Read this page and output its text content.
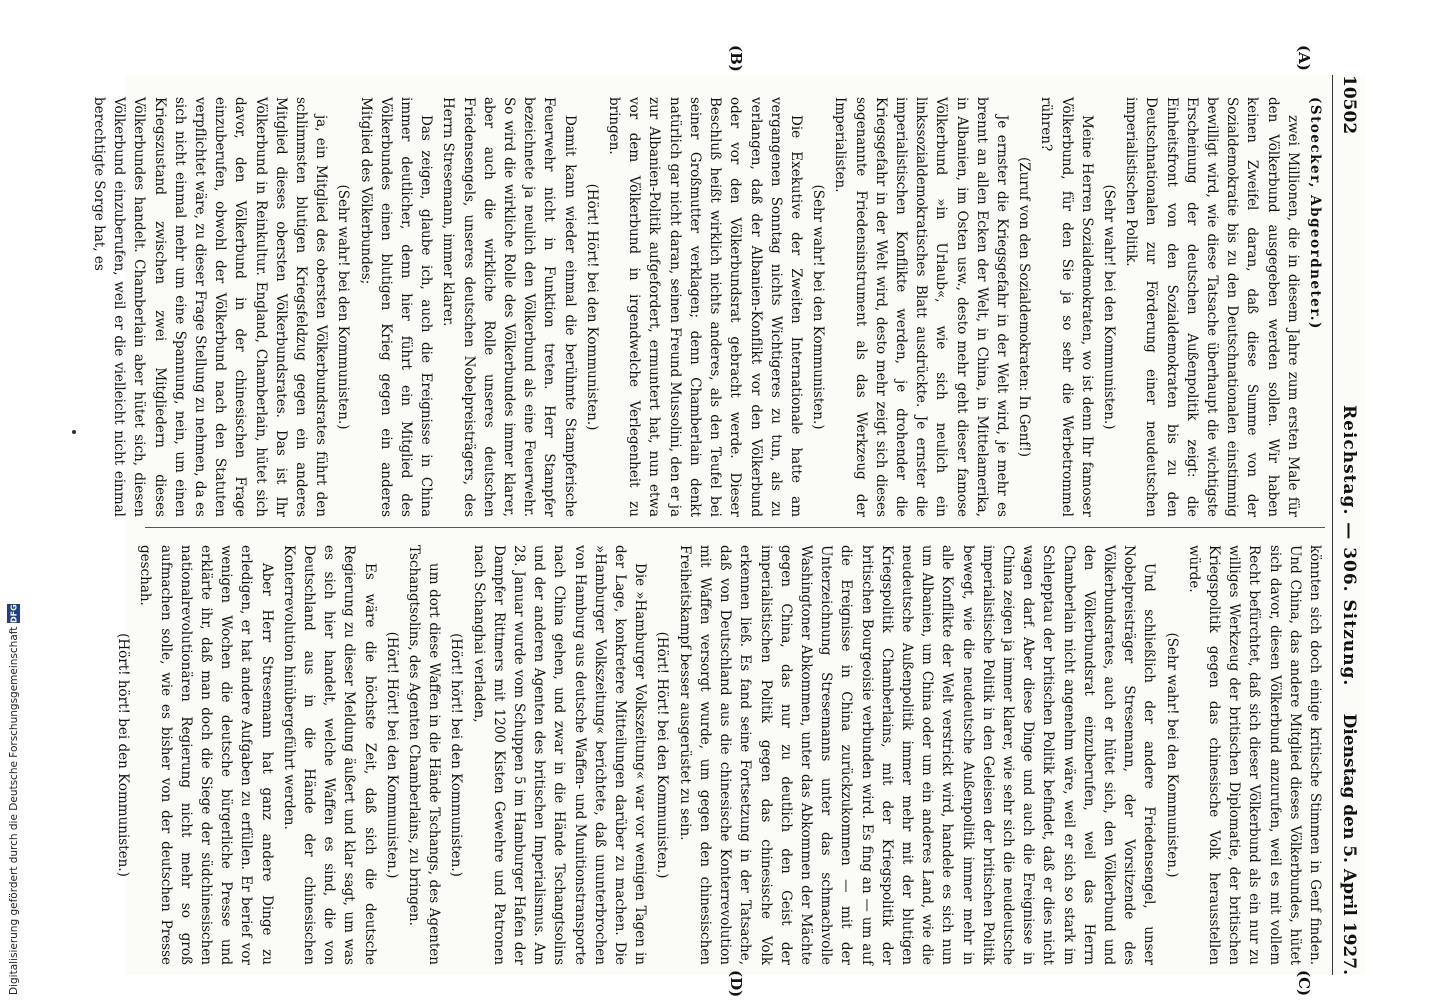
10502
Reichstag. — 306. Sitzung.
Dienstag den 5. April 1927.
(A)
(B)
(C)
(D)

(Stoecker, Abgeordneter.)

zwei Millionen, die in diesem Jahre zum ersten Male für den Völkerbund ausgegeben werden sollen. Wir haben keinen Zweifel daran, daß diese Summe von der Sozialdemokratie bis zu den Deutschnationalen einstimmig bewilligt wird, wie diese Tatsache überhaupt die wichtigste Erscheinung der deutschen Außenpolitik zeigt: die Einheitsfront von den Sozialdemokraten bis zu den Deutschnationalen zur Förderung einer neudeutschen imperialistischen Politik.

(Sehr wahr! bei den Kommunisten.)

Meine Herren Sozialdemokraten, wo ist denn Ihr famoser Völkerbund, für den Sie ja so sehr die Werbetrommel rühren?

(Zuruf von den Sozialdemokraten: In Genf!)

Je ernster die Kriegsgefahr in der Welt wird, je mehr es brennt an allen Ecken der Welt, in China, in Mittelamerika, in Albanien, im Osten usw., desto mehr geht dieser famose Völkerbund »in Urlaub«, wie sich neulich ein linkssozialdemokratisches Blatt ausdrückte. Je ernster die imperialistischen Konflikte werden, je drohender die Kriegsgefahr in der Welt wird, desto mehr zeigt sich dieses sogenannte Friedensinstrument als das Werkzeug der Imperialisten.

(Sehr wahr! bei den Kommunisten.)

Die Exekutive der Zweiten Internationale hatte am vergangenen Sonntag nichts Wichtigeres zu tun, als zu verlangen, daß der Albanien-Konflikt vor den Völkerbund oder vor den Völkerbundsrat gebracht werde. Dieser Beschluß heißt wirklich nichts anderes, als den Teufel bei seiner Großmutter verklagen; denn Chamberlain denkt natürlich gar nicht daran, seinen Freund Mussolini, den er ja zur Albanien-Politik aufgefordert, ermuntert hat, nun etwa vor dem Völkerbund in irgendwelche Verlegenheit zu bringen.

(Hört! Hört! bei den Kommunisten.)

Damit kann wieder einmal die berühmte Stampferische Feuerwehr nicht in Funktion treten. Herr Stampfer bezeichnete ja neulich den Völkerbund als eine Feuerwehr. So wird die wirkliche Rolle des Völkerbundes immer klarer, aber auch die wirkliche Rolle unseres deutschen Friedensengels, unseres deutschen Nobelpreisträgers, des Herrn Stresemann, immer klarer.

Das zeigen, glaube ich, auch die Ereignisse in China immer deutlicher, denn hier führt ein Mitglied des Völkerbundes einen blutigen Krieg gegen ein anderes Mitglied des Völkerbundes;

(Sehr wahr! bei den Kommunisten.)

ja, ein Mitglied des obersten Völkerbundsrates führt den schlimmsten blutigen Kriegsfeldzug gegen ein anderes Mitglied dieses obersten Völkerbundsrates. Das ist Ihr Völkerbund in Reinkultur. England, Chamberlain, hütet sich davor, den Völkerbund in der chinesischen Frage einzuberufen, obwohl der Völkerbund nach den Statuten verpflichtet wäre, zu dieser Frage Stellung zu nehmen, da es sich nicht einmal mehr um eine Spannung, nein, um einen Kriegszustand zwischen zwei Mitgliedern dieses Völkerbundes handelt. Chamberlain aber hütet sich, diesen Völkerbund einzuberufen, weil er die vielleicht nicht einmal berechtigte Sorge hat, es

könnten sich doch einige kritische Stimmen in Genf finden. Und China, das andere Mitglied dieses Völkerbundes, hütet sich davor, diesen Völkerbund anzurufen, weil es mit vollem Recht befürchtet, daß sich dieser Völkerbund als ein nur zu williges Werkzeug der britischen Diplomatie, der britischen Kriegspolitik gegen das chinesische Volk herausstellen würde.

(Sehr wahr! bei den Kommunisten.)

Und schließlich der andere Friedensengel, unser Nobelpreisträger Stresemann, der Vorsitzende des Völkerbundsrates, auch er hütet sich, den Völkerbund und den Völkerbundsrat einzuberufen, weil das Herrn Chamberlain nicht angenehm wäre, weil er sich so stark im Schlepptau der britischen Politik befindet, daß er dies nicht wagen darf. Aber diese Dinge und auch die Ereignisse in China zeigen ja immer klarer, wie sehr sich die neudeutsche imperialistische Politik in den Geleisen der britischen Politik bewegt, wie die neudeutsche Außenpolitik immer mehr in alle Konflikte der Welt verstrickt wird, handele es sich nun um Albanien, um China oder um ein anderes Land, wie die neudeutsche Außenpolitik immer mehr mit der blutigen Kriegspolitik Chamberlains, mit der Kriegspolitik der britischen Bourgeoisie verbunden wird. Es fing an — um auf die Ereignisse in China zurückzukommen — mit der Unterzeichnung Stresemanns unter das schmachvolle Washingtoner Abkommen, unter das Abkommen der Mächte gegen China, das nur zu deutlich den Geist der imperialistischen Politik gegen das chinesische Volk erkennen ließ. Es fand seine Fortsetzung in der Tatsache, daß von Deutschland aus die chinesische Konterrevolution mit Waffen versorgt wurde, um gegen den chinesischen Freiheitskampf besser ausgerüstet zu sein.

(Hört! Hört! bei den Kommunisten.)

Die »Hamburger Volkszeitung« war vor wenigen Tagen in der Lage, konkretere Mitteilungen darüber zu machen. Die »Hamburger Volkszeitung« berichtete, daß ununterbrochen von Hamburg aus deutsche Waffen- und Munitionstransporte nach China gehen, und zwar in die Hände Tschangtsolins und der anderen Agenten des britischen Imperialismus. Am 28. Januar wurde vom Schuppen 5 im Hamburger Hafen der Dampfer Rittmers mit 1200 Kisten Gewehre und Patronen nach Schanghai verladen,

(Hört! hört! bei den Kommunisten.)

um dort diese Waffen in die Hände Tschangs, des Agenten Tschangtsolins, des Agenten Chamberlains, zu bringen.

(Hört! Hört! bei den Kommunisten.)

Es wäre die höchste Zeit, daß sich die deutsche Regierung zu dieser Meldung äußert und klar sagt, um was es sich hier handelt, welche Waffen es sind, die von Deutschland aus in die Hände der chinesischen Konterrevolution hinübergeführt werden.

Aber Herr Stresemann hat ganz andere Dinge zu erledigen, er hat andere Aufgaben zu erfüllen. Er berief vor wenigen Wochen die deutsche bürgerliche Presse und erklärte ihr, daß man doch die Siege der südchinesischen nationalrevolutionären Regierung nicht mehr so groß aufmachen solle, wie es bisher von der deutschen Presse geschah.

(Hört! hört! bei den Kommunisten.)

Digitalisierung gefördert durch die Deutsche Forschungsgemeinschaft
DFG
